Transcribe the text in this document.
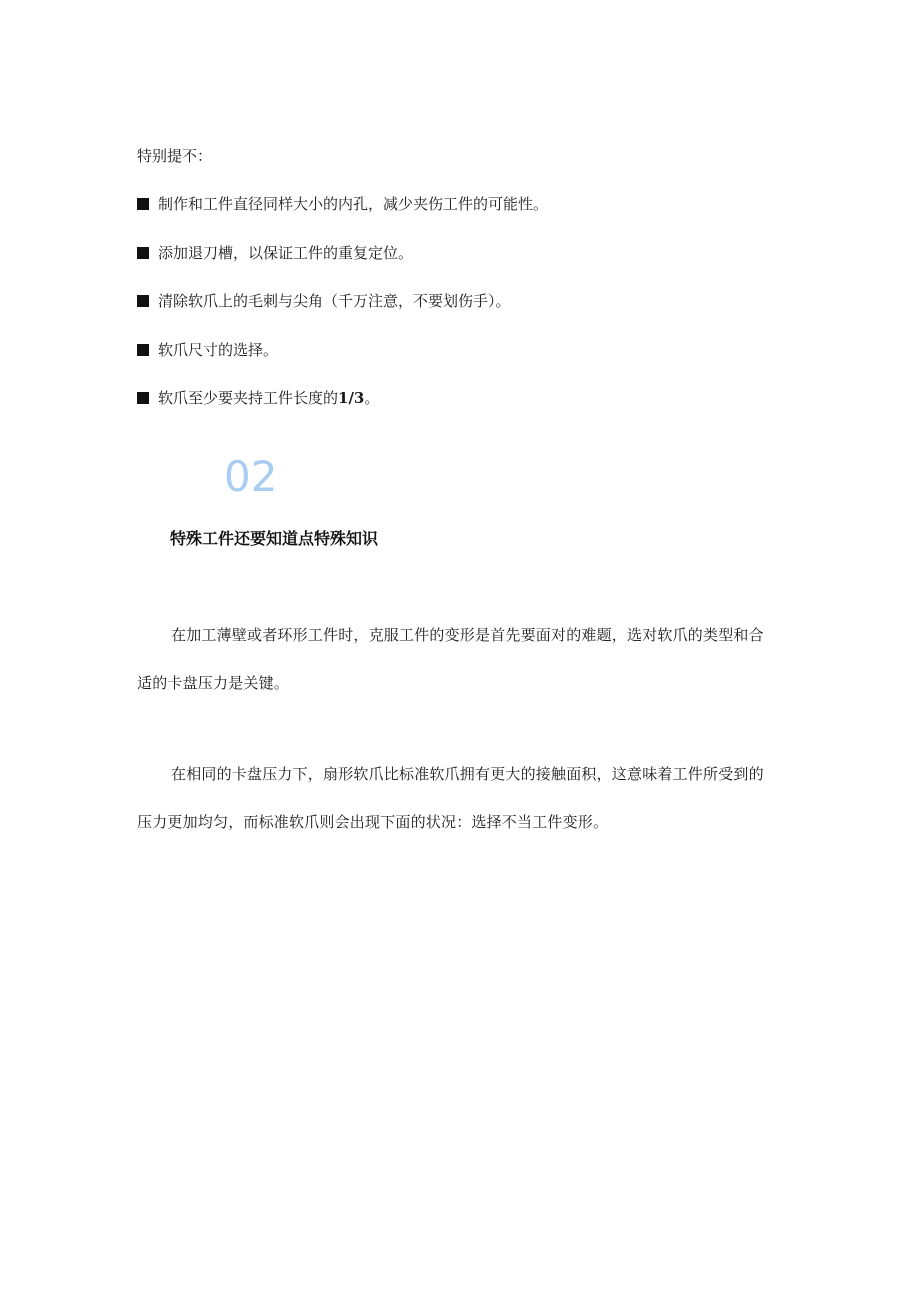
特别提不：
制作和工件直径同样大小的内孔，减少夹伤工件的可能性。
添加退刀槽，以保证工件的重复定位。
清除软爪上的毛刺与尖角（千万注意，不要划伤手）。
软爪尺寸的选择。
软爪至少要夹持工件长度的1/3。
02
特殊工件还要知道点特殊知识

在加工薄壁或者环形工件时，克服工件的变形是首先要面对的难题，选对软爪的类型和合适的卡盘压力是关键。

在相同的卡盘压力下，扇形软爪比标准软爪拥有更大的接触面积，这意味着工件所受到的压力更加均匀，而标准软爪则会出现下面的状况：选择不当工件变形。
